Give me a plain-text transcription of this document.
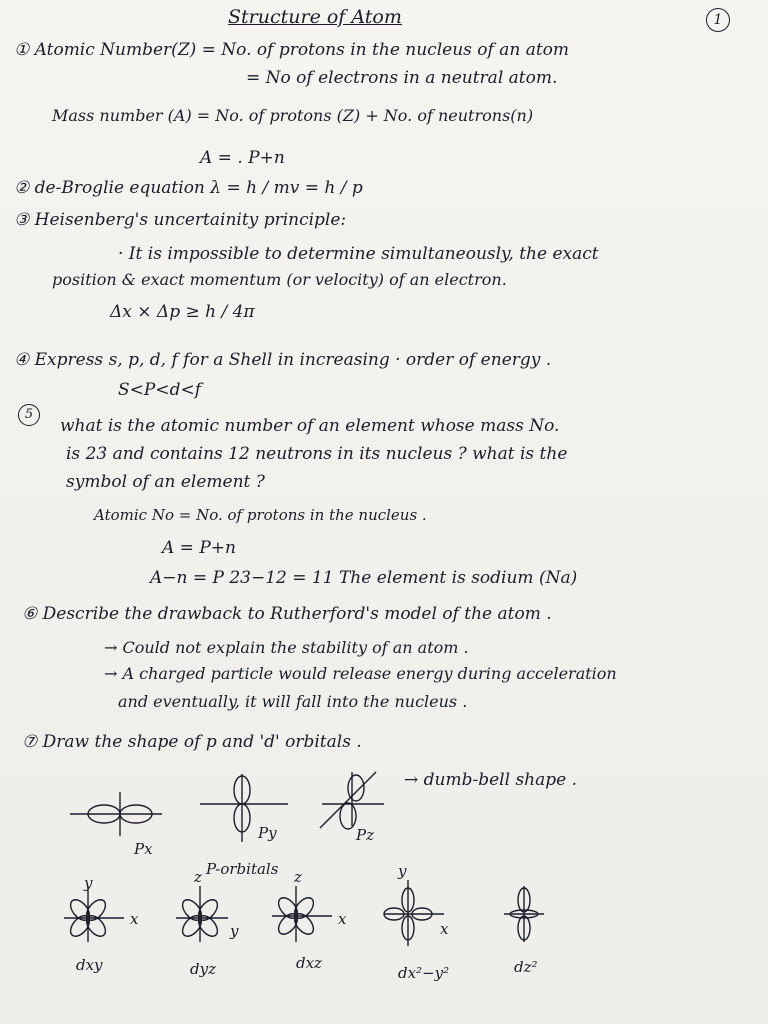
Structure of Atom	1
① Atomic Number(Z) = No. of protons in the nucleus of an atom
= No of electrons in a neutral atom.
Mass number (A) = No. of protons (Z) + No. of neutrons(n)
A = . P+n
② de-Broglie equation λ = h / mv = h / p
③ Heisenberg's uncertainity principle:
· It is impossible to determine simultaneously, the exact
position & exact momentum (or velocity) of an electron.
Δx × Δp ≥ h / 4π
④ Express s, p, d, f for a Shell in increasing · order of energy .
S<P<d<f
5
what is the atomic number of an element whose mass No.
is 23 and contains 12 neutrons in its nucleus ? what is the
symbol of an element ?
Atomic No = No. of protons in the nucleus .
A = P+n
A−n = P 23−12 = 11 The element is sodium (Na)
⑥ Describe the drawback to Rutherford's model of the atom .
→ Could not explain the stability of an atom .
→ A charged particle would release energy during acceleration
and eventually, it will fall into the nucleus .
⑦ Draw the shape of p and 'd' orbitals .
→ dumb-bell shape .
Px
Py	Pz
P-orbitals
y
x
z
y
z
x
y
x
dxy	dyz	dxz
dx²−y²	dz²
